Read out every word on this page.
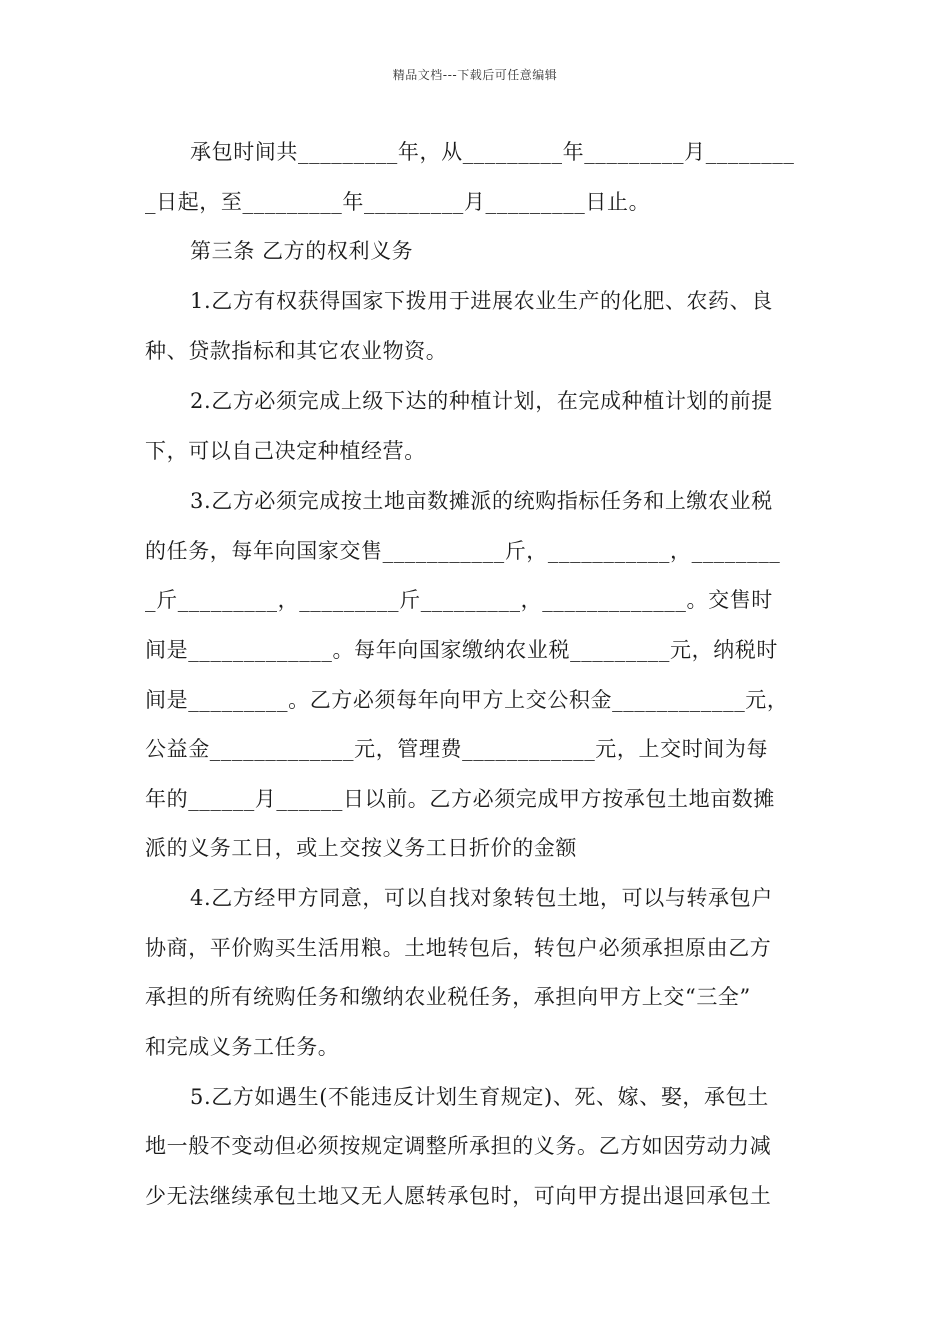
精品文档---下载后可任意编辑
承包时间共_________年，从_________年_________月________
_日起，至_________年_________月_________日止。
第三条 乙方的权利义务
1.乙方有权获得国家下拨用于进展农业生产的化肥、农药、良
种、贷款指标和其它农业物资。
2.乙方必须完成上级下达的种植计划，在完成种植计划的前提
下，可以自己决定种植经营。
3.乙方必须完成按土地亩数摊派的统购指标任务和上缴农业税
的任务，每年向国家交售___________斤，___________，________
_斤_________，_________斤_________，_____________。交售时
间是_____________。每年向国家缴纳农业税_________元，纳税时
间是_________。乙方必须每年向甲方上交公积金____________元，
公益金_____________元，管理费____________元，上交时间为每
年的______月______日以前。乙方必须完成甲方按承包土地亩数摊
派的义务工日，或上交按义务工日折价的金额
4.乙方经甲方同意，可以自找对象转包土地，可以与转承包户
协商，平价购买生活用粮。土地转包后，转包户必须承担原由乙方
承担的所有统购任务和缴纳农业税任务，承担向甲方上交“三全”
和完成义务工任务。
5.乙方如遇生(不能违反计划生育规定)、死、嫁、娶，承包土
地一般不变动但必须按规定调整所承担的义务。乙方如因劳动力减
少无法继续承包土地又无人愿转承包时，可向甲方提出退回承包土
